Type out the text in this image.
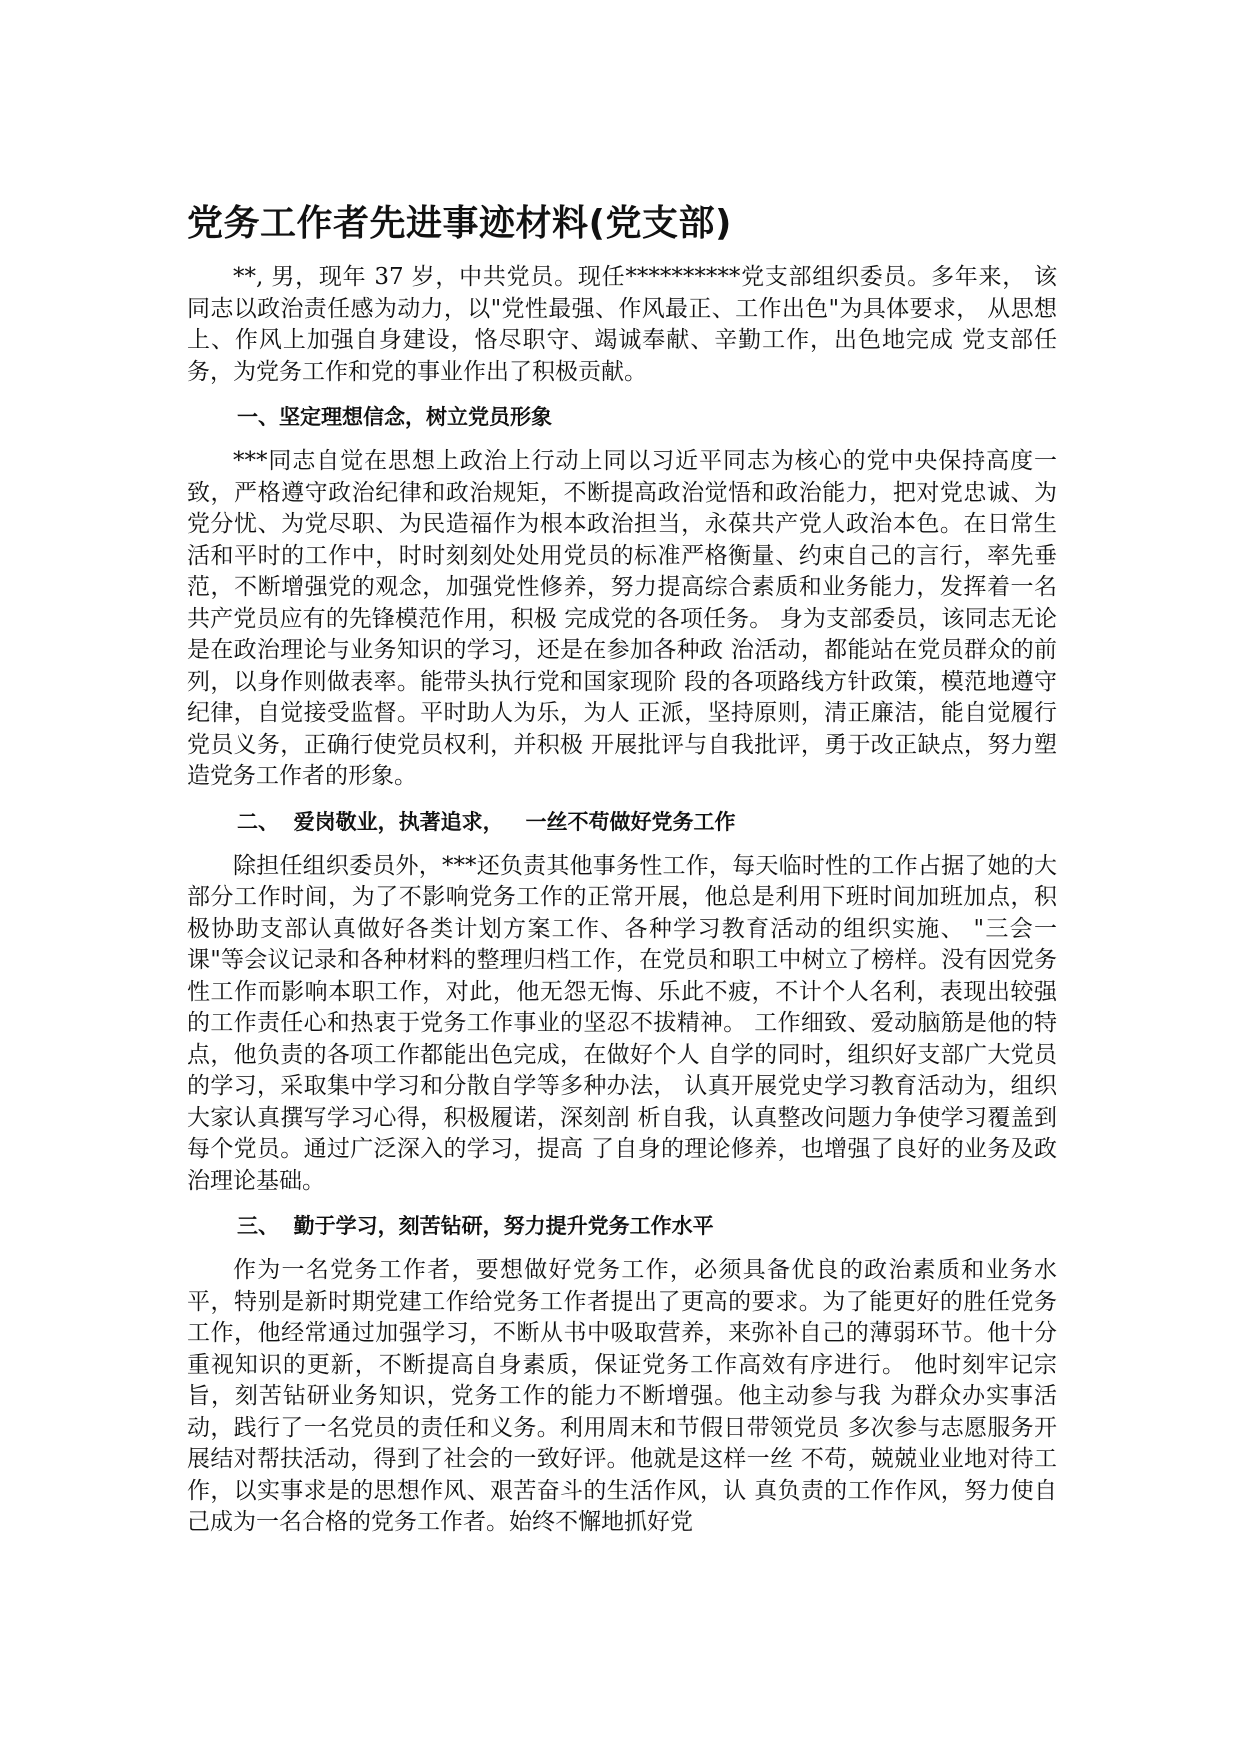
党务工作者先进事迹材料(党支部)

**, 男，现年 37 岁，中共党员。现任**********党支部组织委员。多年来， 该同志以政治责任感为动力，以"党性最强、作风最正、工作出色"为具体要求， 从思想上、作风上加强自身建设，恪尽职守、竭诚奉献、辛勤工作，出色地完成 党支部任务，为党务工作和党的事业作出了积极贡献。

一、坚定理想信念，树立党员形象

***同志自觉在思想上政治上行动上同以习近平同志为核心的党中央保持高度一致，严格遵守政治纪律和政治规矩，不断提高政治觉悟和政治能力，把对党忠诚、为党分忧、为党尽职、为民造福作为根本政治担当，永葆共产党人政治本色。在日常生活和平时的工作中，时时刻刻处处用党员的标准严格衡量、约束自己的言行，率先垂范，不断增强党的观念，加强党性修养，努力提高综合素质和业务能力，发挥着一名共产党员应有的先锋模范作用，积极 完成党的各项任务。 身为支部委员，该同志无论是在政治理论与业务知识的学习，还是在参加各种政 治活动，都能站在党员群众的前列，以身作则做表率。能带头执行党和国家现阶 段的各项路线方针政策，模范地遵守纪律，自觉接受监督。平时助人为乐，为人 正派，坚持原则，清正廉洁，能自觉履行党员义务，正确行使党员权利，并积极 开展批评与自我批评，勇于改正缺点，努力塑造党务工作者的形象。

二、  爱岗敬业，执著追求，   一丝不苟做好党务工作

除担任组织委员外，***还负责其他事务性工作，每天临时性的工作占据了她的大部分工作时间，为了不影响党务工作的正常开展，他总是利用下班时间加班加点，积极协助支部认真做好各类计划方案工作、各种学习教育活动的组织实施、 "三会一课"等会议记录和各种材料的整理归档工作，在党员和职工中树立了榜样。没有因党务性工作而影响本职工作，对此，他无怨无悔、乐此不疲，不计个人名利，表现出较强的工作责任心和热衷于党务工作事业的坚忍不拔精神。 工作细致、爱动脑筋是他的特点，他负责的各项工作都能出色完成，在做好个人 自学的同时，组织好支部广大党员的学习，采取集中学习和分散自学等多种办法， 认真开展党史学习教育活动为，组织大家认真撰写学习心得，积极履诺，深刻剖 析自我，认真整改问题力争使学习覆盖到每个党员。通过广泛深入的学习，提高 了自身的理论修养，也增强了良好的业务及政治理论基础。

三、  勤于学习，刻苦钻研，努力提升党务工作水平

作为一名党务工作者，要想做好党务工作，必须具备优良的政治素质和业务水平，特别是新时期党建工作给党务工作者提出了更高的要求。为了能更好的胜任党务工作，他经常通过加强学习，不断从书中吸取营养，来弥补自己的薄弱环节。他十分重视知识的更新，不断提高自身素质，保证党务工作高效有序进行。 他时刻牢记宗旨，刻苦钻研业务知识，党务工作的能力不断增强。他主动参与我 为群众办实事活动，践行了一名党员的责任和义务。利用周末和节假日带领党员 多次参与志愿服务开展结对帮扶活动，得到了社会的一致好评。他就是这样一丝 不苟，兢兢业业地对待工作，以实事求是的思想作风、艰苦奋斗的生活作风，认 真负责的工作作风，努力使自己成为一名合格的党务工作者。始终不懈地抓好党
